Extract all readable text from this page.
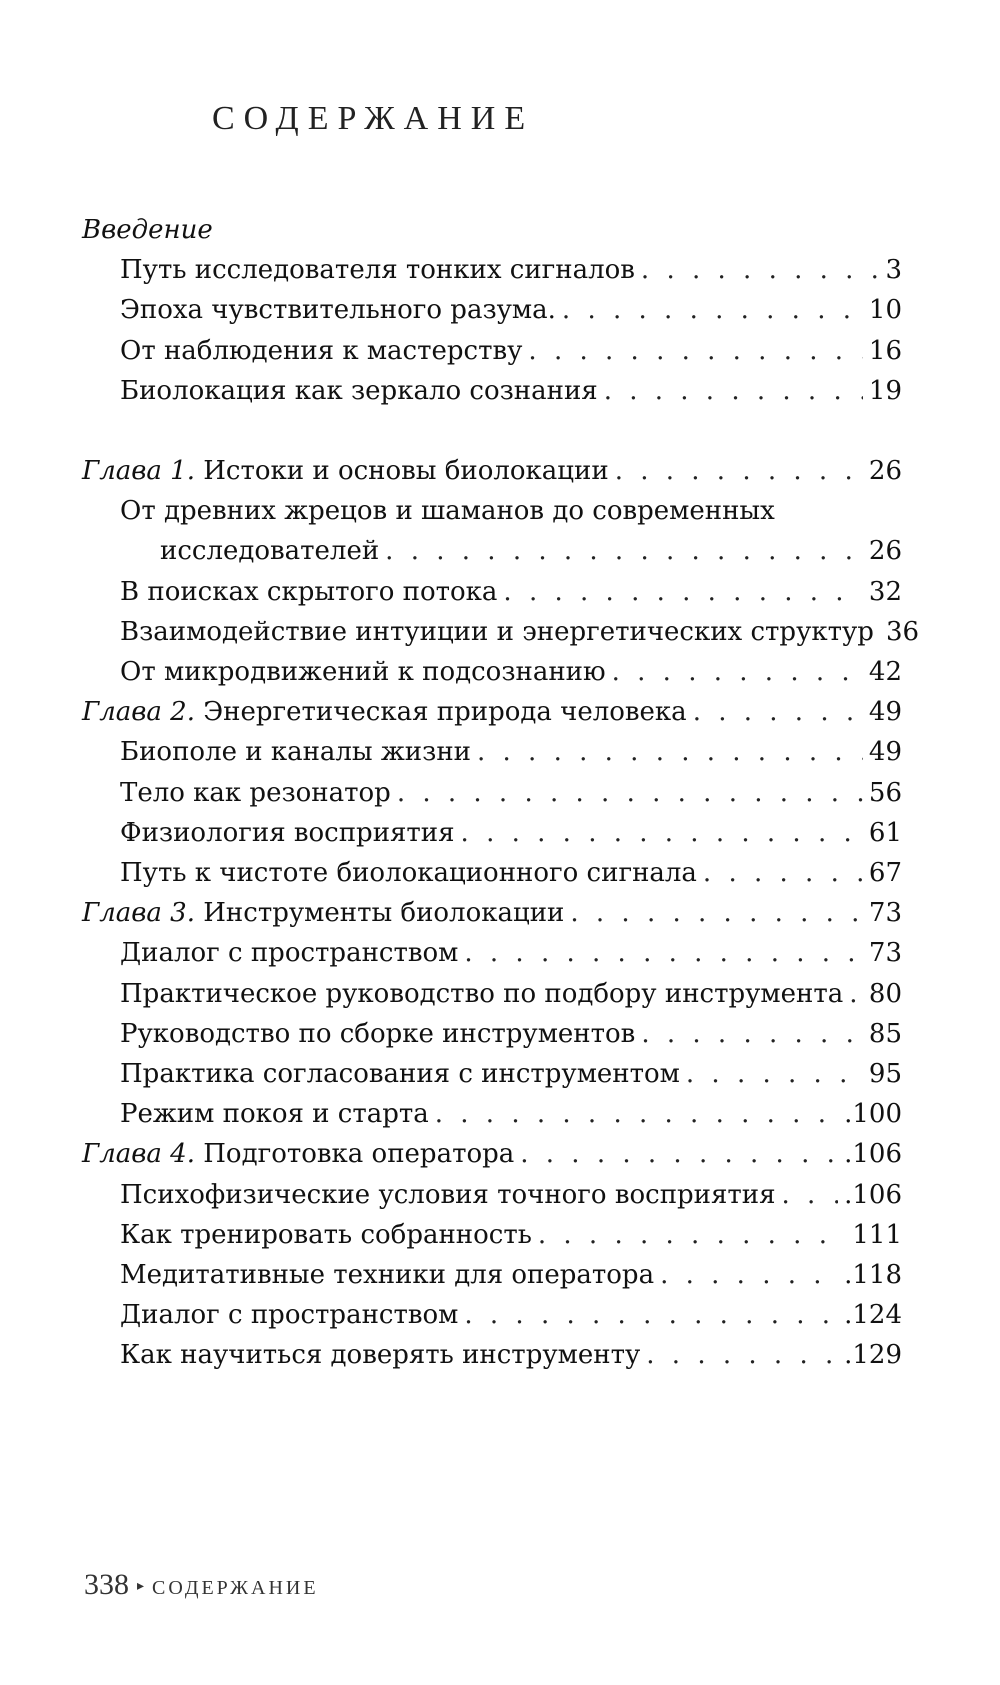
СОДЕРЖАНИЕ
Введение
Путь исследователя тонких сигналов . . .	3
Эпоха чувствительного разума. . . .	10
От наблюдения к мастерству . . .	16
Биолокация как зеркало сознания . . .	19
Глава 1. Истоки и основы биолокации . . .	26
От древних жрецов и шаманов до современных
исследователей . . .	26
В поисках скрытого потока . . .	32
Взаимодействие интуиции и энергетических структур 36
От микродвижений к подсознанию . . .	42
Глава 2. Энергетическая природа человека . . .	49
Биополе и каналы жизни . . .	49
Тело как резонатор . . .	56
Физиология восприятия . . .	61
Путь к чистоте биолокационного сигнала . . .	67
Глава 3. Инструменты биолокации . . .	73
Диалог с пространством . . .	73
Практическое руководство по подбору инструмента . . . 80
Руководство по сборке инструментов . . .	85
Практика согласования с инструментом . . .	95
Режим покоя и старта . . .	.100
Глава 4. Подготовка оператора . . .	.106
Психофизические условия точного восприятия . . .	.106
Как тренировать собранность . . .	111
Медитативные техники для оператора . . .	.118
Диалог с пространством . . .	.124
Как научиться доверять инструменту . . .	.129
338 ▸ СОДЕРЖАНИЕ
